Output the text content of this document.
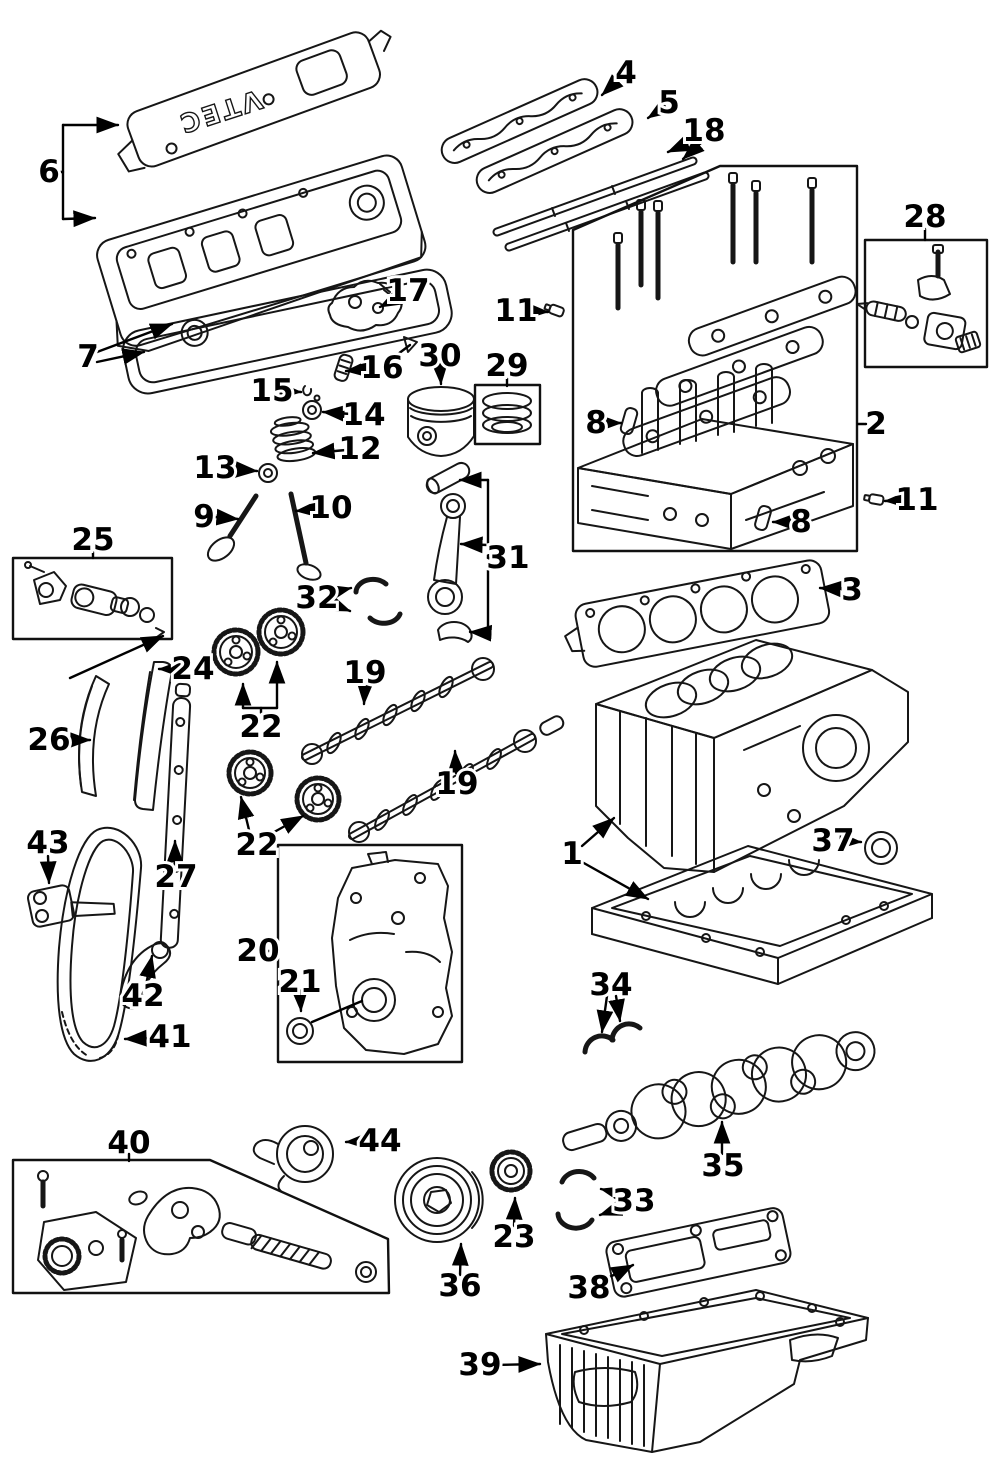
VTEC
6
7
4
5
18
17
16
15
14
12
13
9	10
30 29
11
11
8
8
2
28
3
31
32
25
24
26	22
22
19
19
43
27
42
41
20
21
1	37
34
35
33
40	44
36
23
38
39
